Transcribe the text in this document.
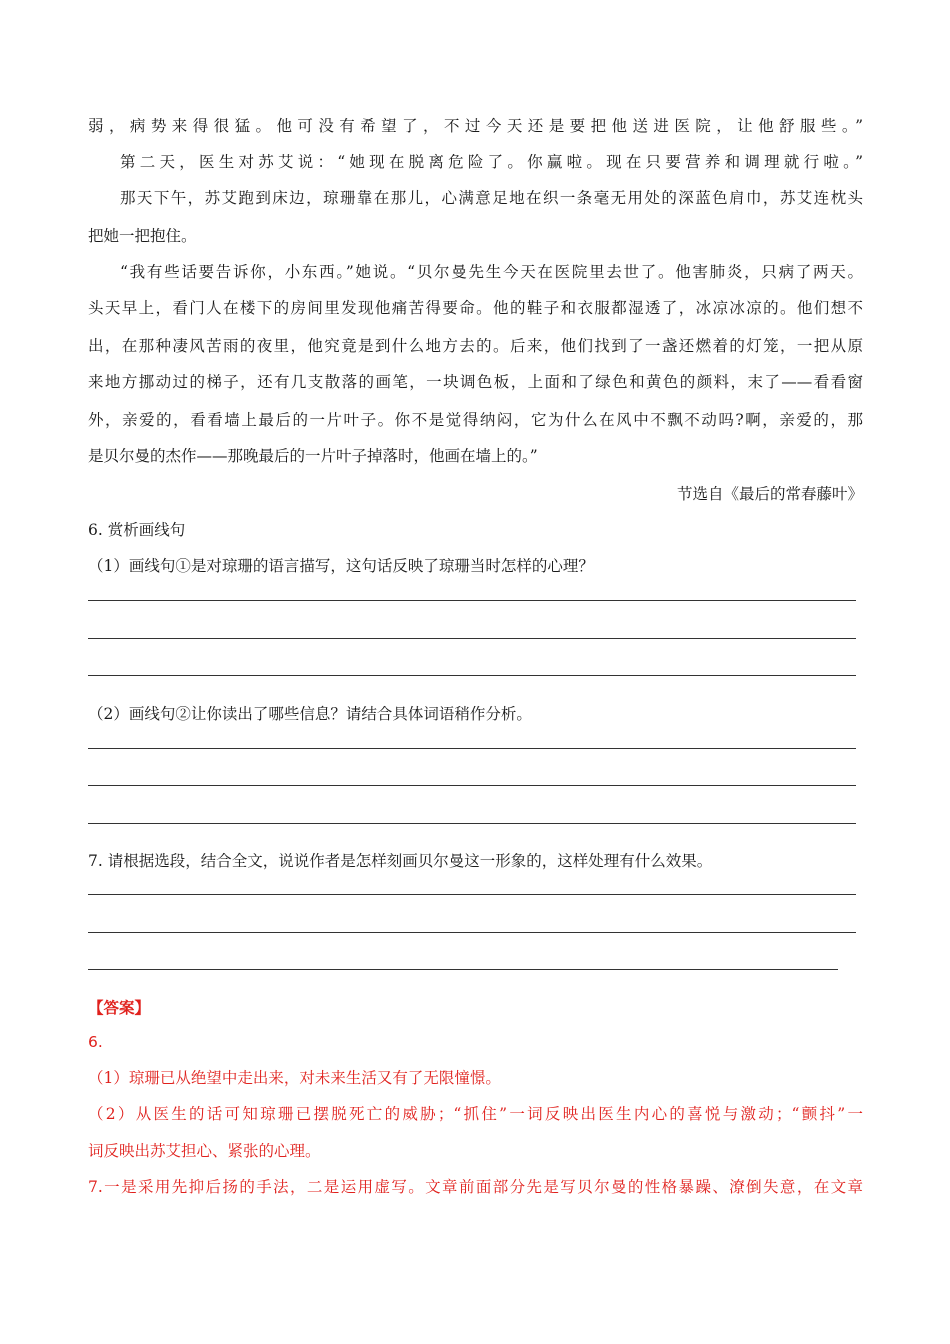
弱，病势来得很猛。他可没有希望了，不过今天还是要把他送进医院，让他舒服些。”
第二天，医生对苏艾说：“她现在脱离危险了。你赢啦。现在只要营养和调理就行啦。”
那天下午，苏艾跑到床边，琼珊靠在那儿，心满意足地在织一条毫无用处的深蓝色肩巾，苏艾连枕头
把她一把抱住。
“我有些话要告诉你，小东西。”她说。“贝尔曼先生今天在医院里去世了。他害肺炎，只病了两天。
头天早上，看门人在楼下的房间里发现他痛苦得要命。他的鞋子和衣服都湿透了，冰凉冰凉的。他们想不
出，在那种凄风苦雨的夜里，他究竟是到什么地方去的。后来，他们找到了一盏还燃着的灯笼，一把从原
来地方挪动过的梯子，还有几支散落的画笔，一块调色板，上面和了绿色和黄色的颜料，末了——看看窗
外，亲爱的，看看墙上最后的一片叶子。你不是觉得纳闷，它为什么在风中不飘不动吗?啊，亲爱的，那
是贝尔曼的杰作——那晚最后的一片叶子掉落时，他画在墙上的。”
节选自《最后的常春藤叶》
6. 赏析画线句
（1）画线句①是对琼珊的语言描写，这句话反映了琼珊当时怎样的心理？
（2）画线句②让你读出了哪些信息？请结合具体词语稍作分析。
7. 请根据选段，结合全文，说说作者是怎样刻画贝尔曼这一形象的，这样处理有什么效果。
【答案】
6.
（1）琼珊已从绝望中走出来，对未来生活又有了无限憧憬。
（2）从医生的话可知琼珊已摆脱死亡的威胁；“抓住”一词反映出医生内心的喜悦与激动；“颤抖”一
词反映出苏艾担心、紧张的心理。
7.一是采用先抑后扬的手法，二是运用虚写。文章前面部分先是写贝尔曼的性格暴躁、潦倒失意，在文章
